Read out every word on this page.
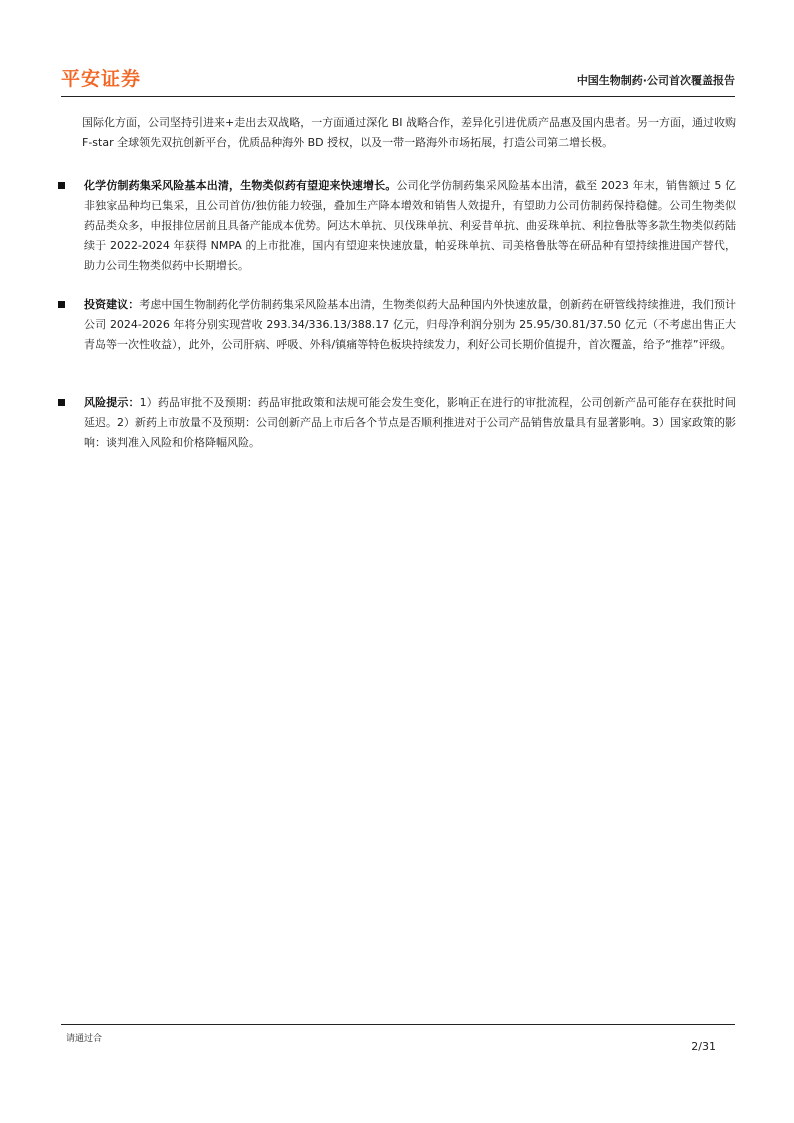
平安证券	中国生物制药·公司首次覆盖报告
国际化方面，公司坚持引进来+走出去双战略，一方面通过深化 BI 战略合作，差异化引进优质产品惠及国内患者。另一方面，通过收购 F-star 全球领先双抗创新平台，优质品种海外 BD 授权，以及一带一路海外市场拓展，打造公司第二增长极。
化学仿制药集采风险基本出清，生物类似药有望迎来快速增长。公司化学仿制药集采风险基本出清，截至 2023 年末，销售额过 5 亿非独家品种均已集采，且公司首仿/独仿能力较强，叠加生产降本增效和销售人效提升，有望助力公司仿制药保持稳健。公司生物类似药品类众多，申报排位居前且具备产能成本优势。阿达木单抗、贝伐珠单抗、利妥昔单抗、曲妥珠单抗、利拉鲁肽等多款生物类似药陆续于 2022-2024 年获得 NMPA 的上市批准，国内有望迎来快速放量，帕妥珠单抗、司美格鲁肽等在研品种有望持续推进国产替代，助力公司生物类似药中长期增长。
投资建议：考虑中国生物制药化学仿制药集采风险基本出清，生物类似药大品种国内外快速放量，创新药在研管线持续推进，我们预计公司 2024-2026 年将分别实现营收 293.34/336.13/388.17 亿元，归母净利润分别为 25.95/30.81/37.50 亿元（不考虑出售正大青岛等一次性收益），此外，公司肝病、呼吸、外科/镇痛等特色板块持续发力，利好公司长期价值提升，首次覆盖，给予“推荐”评级。
风险提示：1）药品审批不及预期：药品审批政策和法规可能会发生变化，影响正在进行的审批流程，公司创新产品可能存在获批时间延迟。2）新药上市放量不及预期：公司创新产品上市后各个节点是否顺利推进对于公司产品销售放量具有显著影响。3）国家政策的影响：谈判准入风险和价格降幅风险。
请通过合
2/31
